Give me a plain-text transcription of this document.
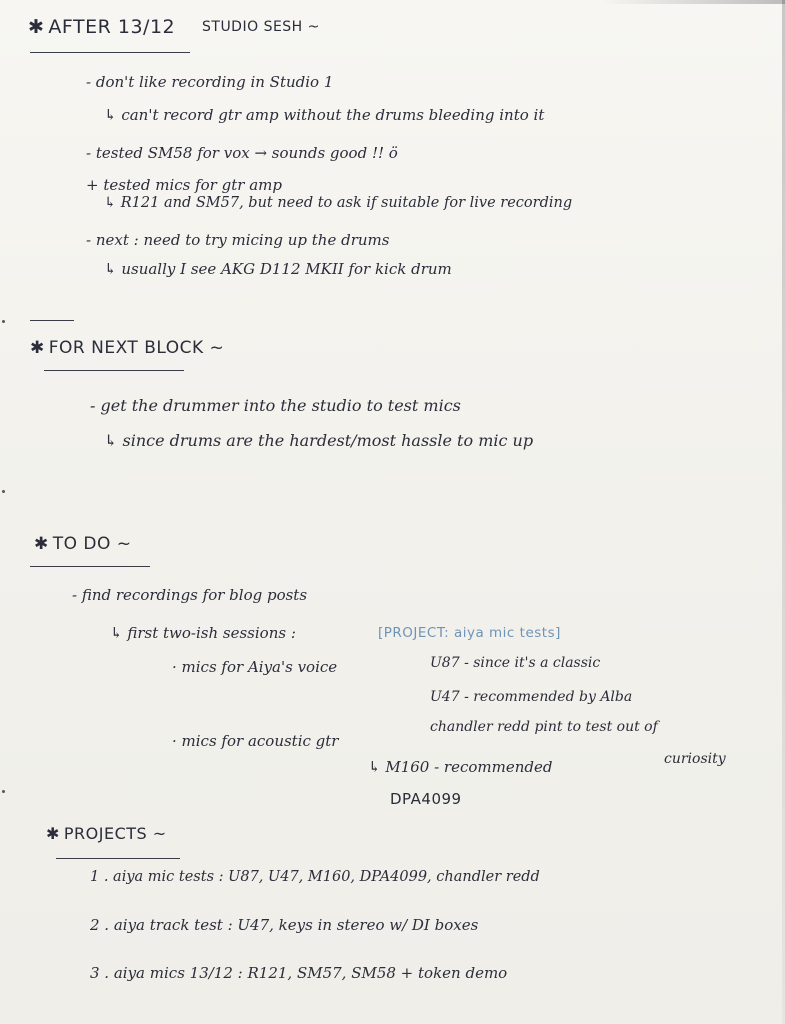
✱ AFTER 13/12 STUDIO SESH ~
- don't like recording in Studio 1
↳ can't record gtr amp without the drums bleeding into it
- tested SM58 for vox → sounds good !! ö
+ tested mics for gtr amp
↳ R121 and SM57, but need to ask if suitable for live recording
- next : need to try micing up the drums
↳ usually I see AKG D112 MKII for kick drum
✱ FOR NEXT BLOCK ~
- get the drummer into the studio to test mics
↳ since drums are the hardest/most hassle to mic up
✱ TO DO ~
- find recordings for blog posts
↳ first two-ish sessions :	[PROJECT: aiya mic tests]
· mics for Aiya's voice	U87 - since it's a classic
U47 - recommended by Alba
· mics for acoustic gtr
chandler redd pint to test out of
curiosity
↳ M160 - recommended
DPA4099
✱ PROJECTS ~
1 . aiya mic tests : U87, U47, M160, DPA4099, chandler redd
2 . aiya track test : U47, keys in stereo w/ DI boxes
3 . aiya mics 13/12 : R121, SM57, SM58 + token demo
